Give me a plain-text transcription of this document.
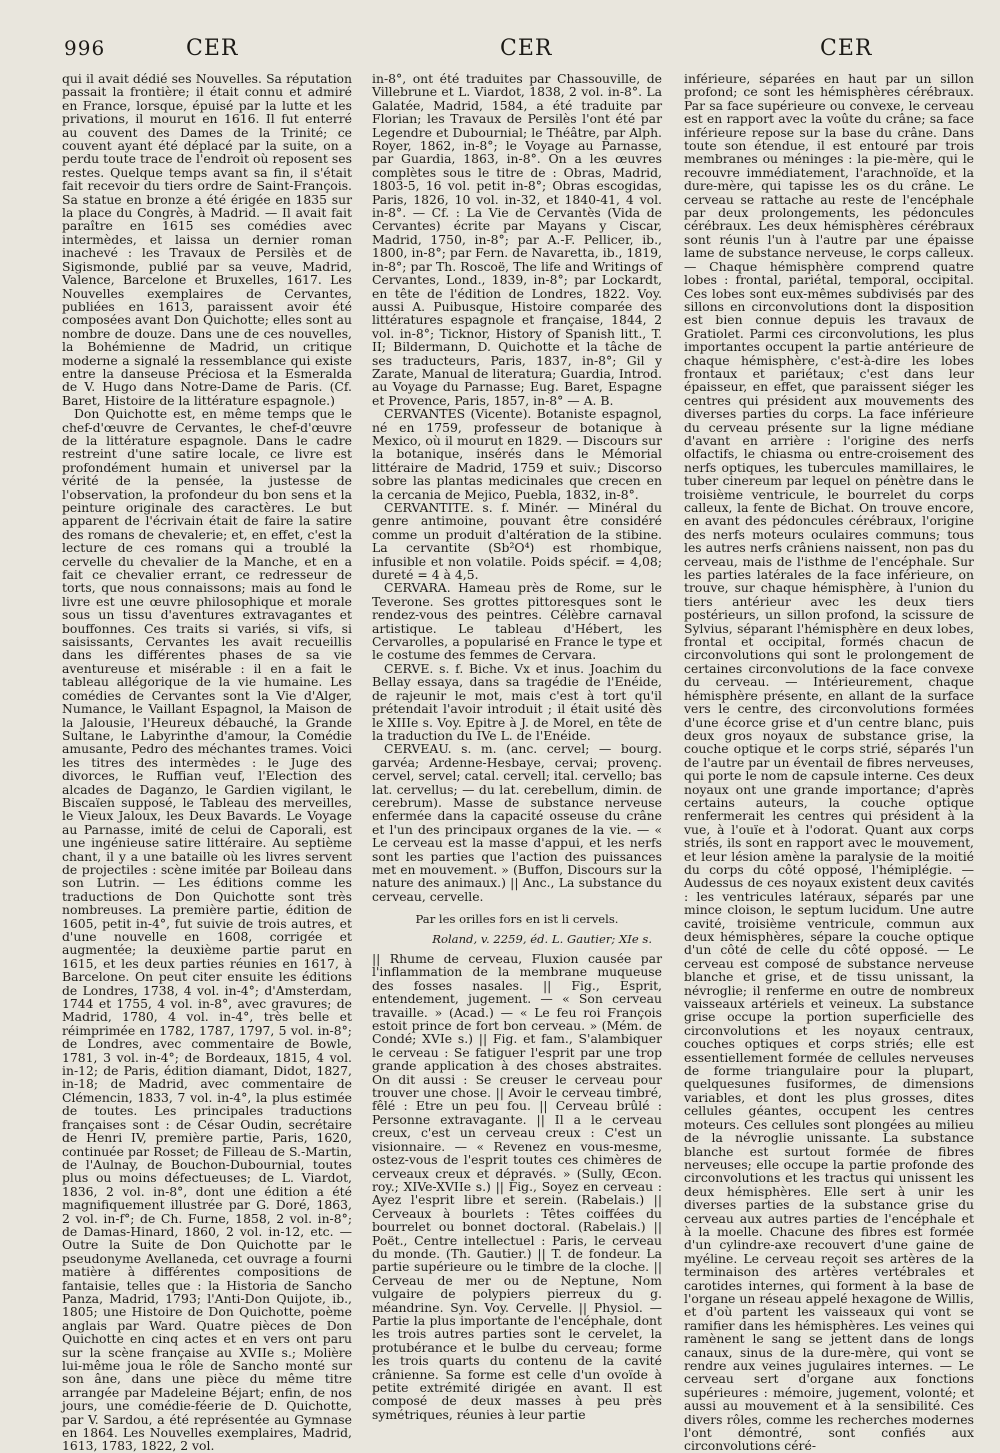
996	CER	CER	CER

qui il avait dédié ses Nouvelles. Sa réputation passait la frontière; il était connu et admiré en France, lorsque, épuisé par la lutte et les privations, il mourut en 1616. Il fut enterré au couvent des Dames de la Trinité; ce couvent ayant été déplacé par la suite, on a perdu toute trace de l'endroit où reposent ses restes. Quelque temps avant sa fin, il s'était fait recevoir du tiers ordre de Saint-François. Sa statue en bronze a été érigée en 1835 sur la place du Congrès, à Madrid. — Il avait fait paraître en 1615 ses comédies avec intermèdes, et laissa un dernier roman inachevé : les Travaux de Persilès et de Sigismonde, publié par sa veuve, Madrid, Valence, Barcelone et Bruxelles, 1617. Les Nouvelles exemplaires de Cervantes, publiées en 1613, paraissent avoir été composées avant Don Quichotte; elles sont au nombre de douze. Dans une de ces nouvelles, la Bohémienne de Madrid, un critique moderne a signalé la ressemblance qui existe entre la danseuse Préciosa et la Esmeralda de V. Hugo dans Notre-Dame de Paris. (Cf. Baret, Histoire de la littérature espagnole.)

Don Quichotte est, en même temps que le chef-d'œuvre de Cervantes, le chef-d'œuvre de la littérature espagnole. Dans le cadre restreint d'une satire locale, ce livre est profondément humain et universel par la vérité de la pensée, la justesse de l'observation, la profondeur du bon sens et la peinture originale des caractères. Le but apparent de l'écrivain était de faire la satire des romans de chevalerie; et, en effet, c'est la lecture de ces romans qui a troublé la cervelle du chevalier de la Manche, et en a fait ce chevalier errant, ce redresseur de torts, que nous connaissons; mais au fond le livre est une œuvre philosophique et morale sous un tissu d'aventures extravagantes et bouffonnes. Ces traits si variés, si vifs, si saisissants, Cervantes les avait recueillis dans les différentes phases de sa vie aventureuse et misérable : il en a fait le tableau allégorique de la vie humaine. Les comédies de Cervantes sont la Vie d'Alger, Numance, le Vaillant Espagnol, la Maison de la Jalousie, l'Heureux débauché, la Grande Sultane, le Labyrinthe d'amour, la Comédie amusante, Pedro des méchantes trames. Voici les titres des intermèdes : le Juge des divorces, le Ruffian veuf, l'Election des alcades de Daganzo, le Gardien vigilant, le Biscaïen supposé, le Tableau des merveilles, le Vieux Jaloux, les Deux Bavards. Le Voyage au Parnasse, imité de celui de Caporali, est une ingénieuse satire littéraire. Au septième chant, il y a une bataille où les livres servent de projectiles : scène imitée par Boileau dans son Lutrin. — Les éditions comme les traductions de Don Quichotte sont très nombreuses. La première partie, édition de 1605, petit in-4°, fut suivie de trois autres, et d'une nouvelle en 1608, corrigée et augmentée; la deuxième partie parut en 1615, et les deux parties réunies en 1617, à Barcelone. On peut citer ensuite les éditions de Londres, 1738, 4 vol. in-4°; d'Amsterdam, 1744 et 1755, 4 vol. in-8°, avec gravures; de Madrid, 1780, 4 vol. in-4°, très belle et réimprimée en 1782, 1787, 1797, 5 vol. in-8°; de Londres, avec commentaire de Bowle, 1781, 3 vol. in-4°; de Bordeaux, 1815, 4 vol. in-12; de Paris, édition diamant, Didot, 1827, in-18; de Madrid, avec commentaire de Clémencin, 1833, 7 vol. in-4°, la plus estimée de toutes. Les principales traductions françaises sont : de César Oudin, secrétaire de Henri IV, première partie, Paris, 1620, continuée par Rosset; de Filleau de S.-Martin, de l'Aulnay, de Bouchon-Dubournial, toutes plus ou moins défectueuses; de L. Viardot, 1836, 2 vol. in-8°, dont une édition a été magnifiquement illustrée par G. Doré, 1863, 2 vol. in-f°; de Ch. Furne, 1858, 2 vol. in-8°; de Damas-Hinard, 1860, 2 vol. in-12, etc. — Outre la Suite de Don Quichotte par le pseudonyme Avellaneda, cet ouvrage a fourni matière à différentes compositions de fantaisie, telles que : la Historia de Sancho Panza, Madrid, 1793; l'Anti-Don Quijote, ib., 1805; une Histoire de Don Quichotte, poème anglais par Ward. Quatre pièces de Don Quichotte en cinq actes et en vers ont paru sur la scène française au XVIIe s.; Molière lui-même joua le rôle de Sancho monté sur son âne, dans une pièce du même titre arrangée par Madeleine Béjart; enfin, de nos jours, une comédie-féerie de D. Quichotte, par V. Sardou, a été représentée au Gymnase en 1864. Les Nouvelles exemplaires, Madrid, 1613, 1783, 1822, 2 vol.

in-8°, ont été traduites par Chassouville, de Villebrune et L. Viardot, 1838, 2 vol. in-8°. La Galatée, Madrid, 1584, a été traduite par Florian; les Travaux de Persilès l'ont été par Legendre et Dubournial; le Théâtre, par Alph. Royer, 1862, in-8°; le Voyage au Parnasse, par Guardia, 1863, in-8°. On a les œuvres complètes sous le titre de : Obras, Madrid, 1803-5, 16 vol. petit in-8°; Obras escogidas, Paris, 1826, 10 vol. in-32, et 1840-41, 4 vol. in-8°. — Cf. : La Vie de Cervantès (Vida de Cervantes) écrite par Mayans y Ciscar, Madrid, 1750, in-8°; par A.-F. Pellicer, ib., 1800, in-8°; par Fern. de Navaretta, ib., 1819, in-8°; par Th. Roscoë, The life and Writings of Cervantes, Lond., 1839, in-8°; par Lockardt, en tête de l'édition de Londres, 1822. Voy. aussi A. Puibusque, Histoire comparée des littératures espagnole et française, 1844, 2 vol. in-8°; Ticknor, History of Spanish litt., T. II; Bildermann, D. Quichotte et la tâche de ses traducteurs, Paris, 1837, in-8°; Gil y Zarate, Manual de literatura; Guardia, Introd. au Voyage du Parnasse; Eug. Baret, Espagne et Provence, Paris, 1857, in-8° — A. B.

CERVANTES (Vicente). Botaniste espagnol, né en 1759, professeur de botanique à Mexico, où il mourut en 1829. — Discours sur la botanique, insérés dans le Mémorial littéraire de Madrid, 1759 et suiv.; Discorso sobre las plantas medicinales que crecen en la cercania de Mejico, Puebla, 1832, in-8°.

CERVANTITE. s. f. Minér. — Minéral du genre antimoine, pouvant être considéré comme un produit d'altération de la stibine. La cervantite (Sb²O⁴) est rhombique, infusible et non volatile. Poids spécif. = 4,08; dureté = 4 à 4,5.

CERVARA. Hameau près de Rome, sur le Teverone. Ses grottes pittoresques sont le rendez-vous des peintres. Célèbre carnaval artistique. Le tableau d'Hébert, les Cervarolles, a popularisé en France le type et le costume des femmes de Cervara.

CERVE. s. f. Biche. Vx et inus. Joachim du Bellay essaya, dans sa tragédie de l'Enéide, de rajeunir le mot, mais c'est à tort qu'il prétendait l'avoir introduit ; il était usité dès le XIIIe s. Voy. Epitre à J. de Morel, en tête de la traduction du IVe L. de l'Enéide.

CERVEAU. s. m. (anc. cervel; — bourg. garvéa; Ardenne-Hesbaye, cervai; provenç. cervel, servel; catal. cervell; ital. cervello; bas lat. cervellus; — du lat. cerebellum, dimin. de cerebrum). Masse de substance nerveuse enfermée dans la capacité osseuse du crâne et l'un des principaux organes de la vie. — « Le cerveau est la masse d'appui, et les nerfs sont les parties que l'action des puissances met en mouvement. » (Buffon, Discours sur la nature des animaux.) || Anc., La substance du cerveau, cervelle.

Par les orilles fors en ist li cervels.

Roland, v. 2259, éd. L. Gautier; XIe s.

|| Rhume de cerveau, Fluxion causée par l'inflammation de la membrane muqueuse des fosses nasales. || Fig., Esprit, entendement, jugement. — « Son cerveau travaille. » (Acad.) — « Le feu roi François estoit prince de fort bon cerveau. » (Mém. de Condé; XVIe s.) || Fig. et fam., S'alambiquer le cerveau : Se fatiguer l'esprit par une trop grande application à des choses abstraites. On dit aussi : Se creuser le cerveau pour trouver une chose. || Avoir le cerveau timbré, fêlé : Etre un peu fou. || Cerveau brûlé : Personne extravagante. || Il a le cerveau creux, c'est un cerveau creux : C'est un visionnaire. — « Revenez en vous-mesme, ostez-vous de l'esprit toutes ces chimères de cerveaux creux et dépravés. » (Sully, Œcon. roy.; XIVe-XVIIe s.) || Fig., Soyez en cerveau : Ayez l'esprit libre et serein. (Rabelais.) || Cerveaux à bourlets : Têtes coiffées du bourrelet ou bonnet doctoral. (Rabelais.) || Poët., Centre intellectuel : Paris, le cerveau du monde. (Th. Gautier.) || T. de fondeur. La partie supérieure ou le timbre de la cloche. || Cerveau de mer ou de Neptune, Nom vulgaire de polypiers pierreux du g. méandrine. Syn. Voy. Cervelle. || Physiol. — Partie la plus importante de l'encéphale, dont les trois autres parties sont le cervelet, la protubérance et le bulbe du cerveau; forme les trois quarts du contenu de la cavité crânienne. Sa forme est celle d'un ovoïde à petite extrémité dirigée en avant. Il est composé de deux masses à peu près symétriques, réunies à leur partie

inférieure, séparées en haut par un sillon profond; ce sont les hémisphères cérébraux. Par sa face supérieure ou convexe, le cerveau est en rapport avec la voûte du crâne; sa face inférieure repose sur la base du crâne. Dans toute son étendue, il est entouré par trois membranes ou méninges : la pie-mère, qui le recouvre immédiatement, l'arachnoïde, et la dure-mère, qui tapisse les os du crâne. Le cerveau se rattache au reste de l'encéphale par deux prolongements, les pédoncules cérébraux. Les deux hémisphères cérébraux sont réunis l'un à l'autre par une épaisse lame de substance nerveuse, le corps calleux. — Chaque hémisphère comprend quatre lobes : frontal, pariétal, temporal, occipital. Ces lobes sont eux-mêmes subdivisés par des sillons en circonvolutions dont la disposition est bien connue depuis les travaux de Gratiolet. Parmi ces circonvolutions, les plus importantes occupent la partie antérieure de chaque hémisphère, c'est-à-dire les lobes frontaux et pariétaux; c'est dans leur épaisseur, en effet, que paraissent siéger les centres qui président aux mouvements des diverses parties du corps. La face inférieure du cerveau présente sur la ligne médiane d'avant en arrière : l'origine des nerfs olfactifs, le chiasma ou entre-croisement des nerfs optiques, les tubercules mamillaires, le tuber cinereum par lequel on pénètre dans le troisième ventricule, le bourrelet du corps calleux, la fente de Bichat. On trouve encore, en avant des pédoncules cérébraux, l'origine des nerfs moteurs oculaires communs; tous les autres nerfs crâniens naissent, non pas du cerveau, mais de l'isthme de l'encéphale. Sur les parties latérales de la face inférieure, on trouve, sur chaque hémisphère, à l'union du tiers antérieur avec les deux tiers postérieurs, un sillon profond, la scissure de Sylvius, séparant l'hémisphère en deux lobes, frontal et occipital, formés chacun de circonvolutions qui sont le prolongement de certaines circonvolutions de la face convexe du cerveau. — Intérieurement, chaque hémisphère présente, en allant de la surface vers le centre, des circonvolutions formées d'une écorce grise et d'un centre blanc, puis deux gros noyaux de substance grise, la couche optique et le corps strié, séparés l'un de l'autre par un éventail de fibres nerveuses, qui porte le nom de capsule interne. Ces deux noyaux ont une grande importance; d'après certains auteurs, la couche optique renfermerait les centres qui président à la vue, à l'ouïe et à l'odorat. Quant aux corps striés, ils sont en rapport avec le mouvement, et leur lésion amène la paralysie de la moitié du corps du côté opposé, l'hémiplégie. — Audessus de ces noyaux existent deux cavités : les ventricules latéraux, séparés par une mince cloison, le septum lucidum. Une autre cavité, troisième ventricule, commun aux deux hémisphères, sépare la couche optique d'un côté de celle du côté opposé. — Le cerveau est composé de substance nerveuse blanche et grise, et de tissu unissant, la névroglie; il renferme en outre de nombreux vaisseaux artériels et veineux. La substance grise occupe la portion superficielle des circonvolutions et les noyaux centraux, couches optiques et corps striés; elle est essentiellement formée de cellules nerveuses de forme triangulaire pour la plupart, quelquesunes fusiformes, de dimensions variables, et dont les plus grosses, dites cellules géantes, occupent les centres moteurs. Ces cellules sont plongées au milieu de la névroglie unissante. La substance blanche est surtout formée de fibres nerveuses; elle occupe la partie profonde des circonvolutions et les tractus qui unissent les deux hémisphères. Elle sert à unir les diverses parties de la substance grise du cerveau aux autres parties de l'encéphale et à la moelle. Chacune des fibres est formée d'un cylindre-axe recouvert d'une gaine de myéline. Le cerveau reçoit ses artères de la terminaison des artères vertébrales et carotides internes, qui forment à la base de l'organe un réseau appelé hexagone de Willis, et d'où partent les vaisseaux qui vont se ramifier dans les hémisphères. Les veines qui ramènent le sang se jettent dans de longs canaux, sinus de la dure-mère, qui vont se rendre aux veines jugulaires internes. — Le cerveau sert d'organe aux fonctions supérieures : mémoire, jugement, volonté; et aussi au mouvement et à la sensibilité. Ces divers rôles, comme les recherches modernes l'ont démontré, sont confiés aux circonvolutions céré-
